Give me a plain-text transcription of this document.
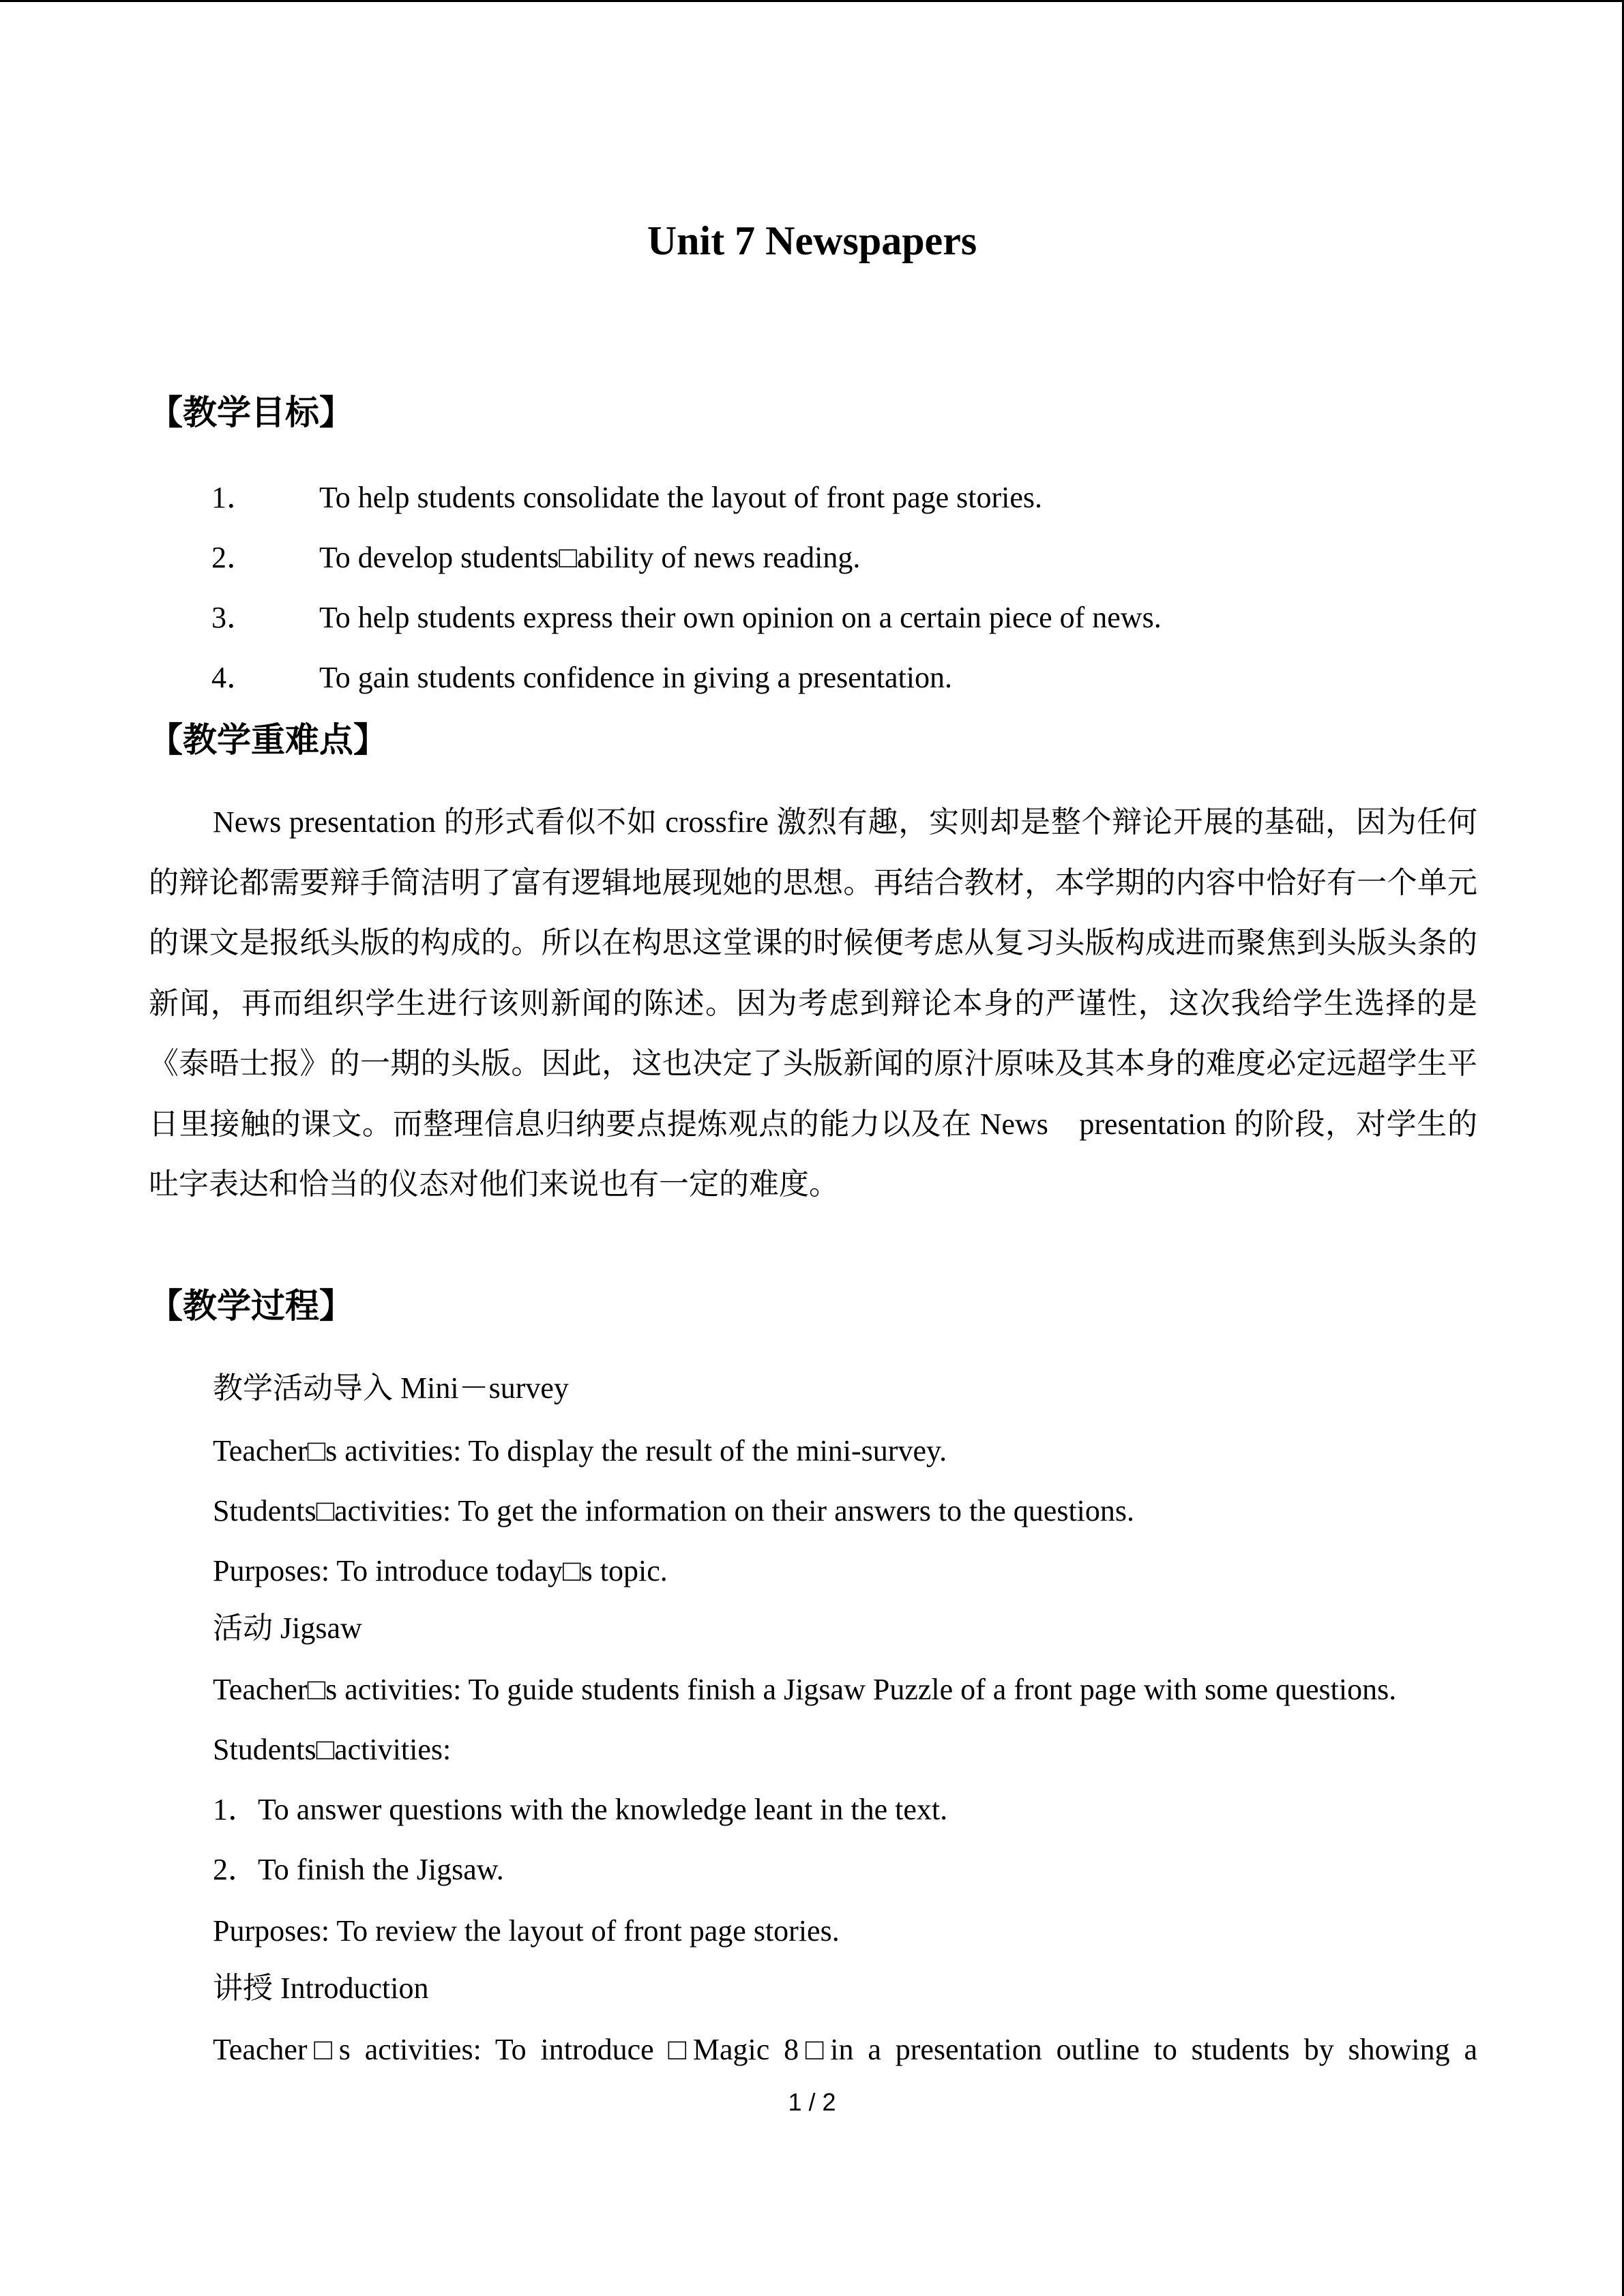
Unit 7 Newspapers
【教学目标】
1． To help students consolidate the layout of front page stories.
2． To develop students□ability of news reading.
3． To help students express their own opinion on a certain piece of news.
4． To gain students confidence in giving a presentation.
【教学重难点】
News presentation 的形式看似不如 crossfire 激烈有趣，实则却是整个辩论开展的基础，因为任何的辩论都需要辩手简洁明了富有逻辑地展现她的思想。再结合教材，本学期的内容中恰好有一个单元的课文是报纸头版的构成的。所以在构思这堂课的时候便考虑从复习头版构成进而聚焦到头版头条的新闻，再而组织学生进行该则新闻的陈述。因为考虑到辩论本身的严谨性，这次我给学生选择的是《泰晤士报》的一期的头版。因此，这也决定了头版新闻的原汁原味及其本身的难度必定远超学生平日里接触的课文。而整理信息归纳要点提炼观点的能力以及在 News　presentation 的阶段，对学生的吐字表达和恰当的仪态对他们来说也有一定的难度。
【教学过程】
教学活动导入 Mini－survey
Teacher□s activities: To display the result of the mini-survey.
Students□activities: To get the information on their answers to the questions.
Purposes: To introduce today□s topic.
活动 Jigsaw
Teacher□s activities: To guide students finish a Jigsaw Puzzle of a front page with some questions.
Students□activities:
1．To answer questions with the knowledge leant in the text.
2．To finish the Jigsaw.
Purposes: To review the layout of front page stories.
讲授 Introduction
Teacher□s activities: To introduce □Magic 8□in a presentation outline to students by showing a
1 / 2
